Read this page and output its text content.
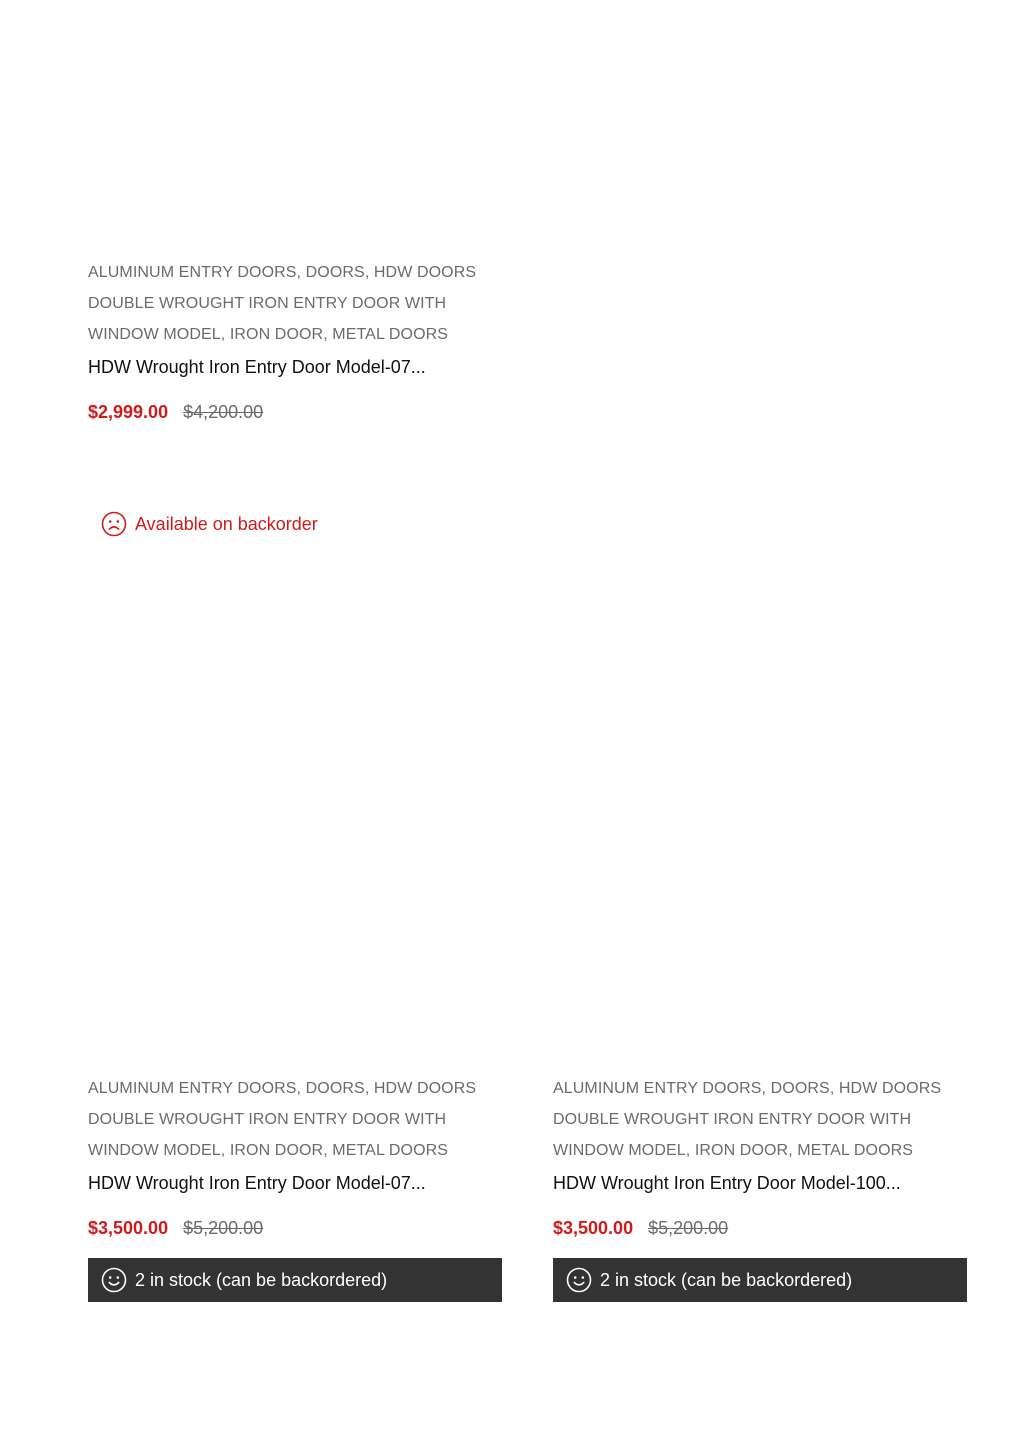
ALUMINUM ENTRY DOORS, DOORS, HDW DOORS DOUBLE WROUGHT IRON ENTRY DOOR WITH WINDOW MODEL, IRON DOOR, METAL DOORS
HDW Wrought Iron Entry Door Model-07...
$2,999.00 $4,200.00
Available on backorder
ALUMINUM ENTRY DOORS, DOORS, HDW DOORS DOUBLE WROUGHT IRON ENTRY DOOR WITH WINDOW MODEL, IRON DOOR, METAL DOORS
HDW Wrought Iron Entry Door Model-07...
$3,500.00 $5,200.00
2 in stock (can be backordered)
ALUMINUM ENTRY DOORS, DOORS, HDW DOORS DOUBLE WROUGHT IRON ENTRY DOOR WITH WINDOW MODEL, IRON DOOR, METAL DOORS
HDW Wrought Iron Entry Door Model-100...
$3,500.00 $5,200.00
2 in stock (can be backordered)
